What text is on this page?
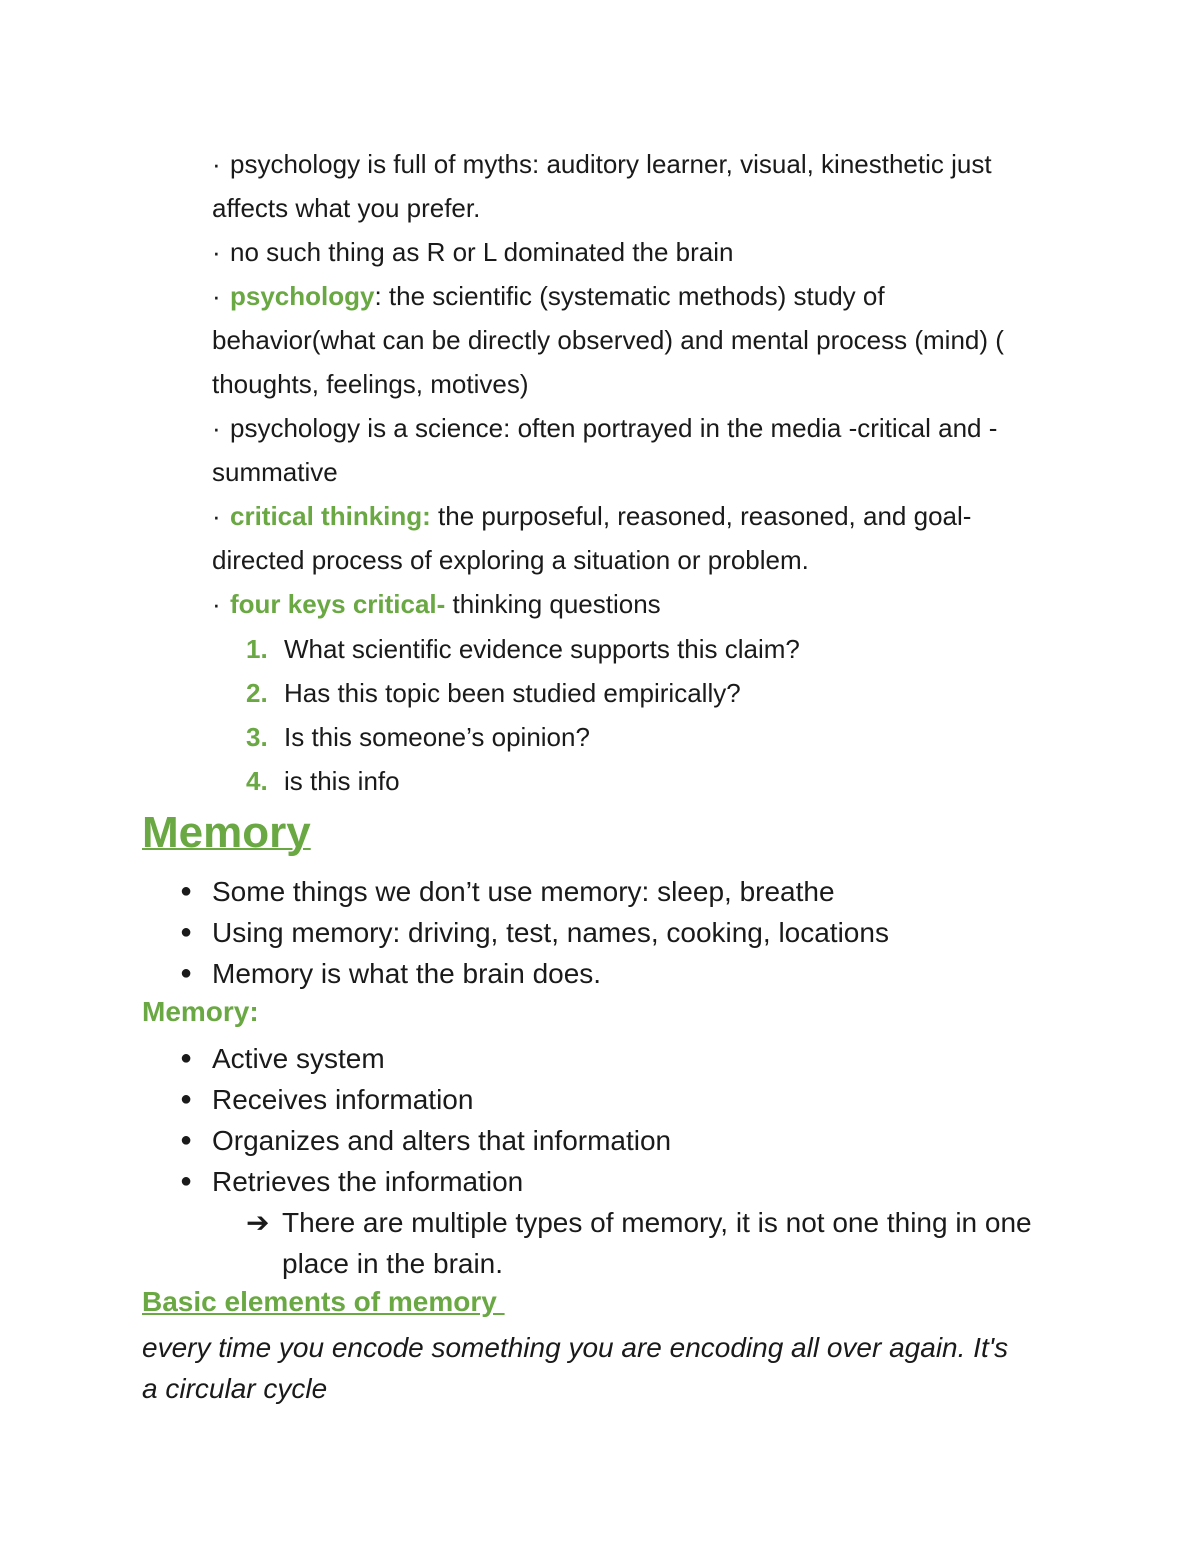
· psychology is full of myths: auditory learner, visual, kinesthetic just affects what you prefer.

· no such thing as R or L dominated the brain

· psychology: the scientific (systematic methods) study of behavior(what can be directly observed) and mental process (mind) ( thoughts, feelings, motives)

· psychology is a science: often portrayed in the media -critical and -summative

· critical thinking: the purposeful, reasoned, reasoned, and goal-directed process of exploring a situation or problem.

· four keys critical- thinking questions

1. What scientific evidence supports this claim?
2. Has this topic been studied empirically?
3. Is this someone’s opinion?
4. is this info
Memory
● Some things we don’t use memory: sleep, breathe
● Using memory: driving, test, names, cooking, locations
● Memory is what the brain does.
Memory:
● Active system
● Receives information
● Organizes and alters that information
● Retrieves the information
➔ There are multiple types of memory, it is not one thing in one place in the brain.
Basic elements of memory
every time you encode something you are encoding all over again. It's a circular cycle
